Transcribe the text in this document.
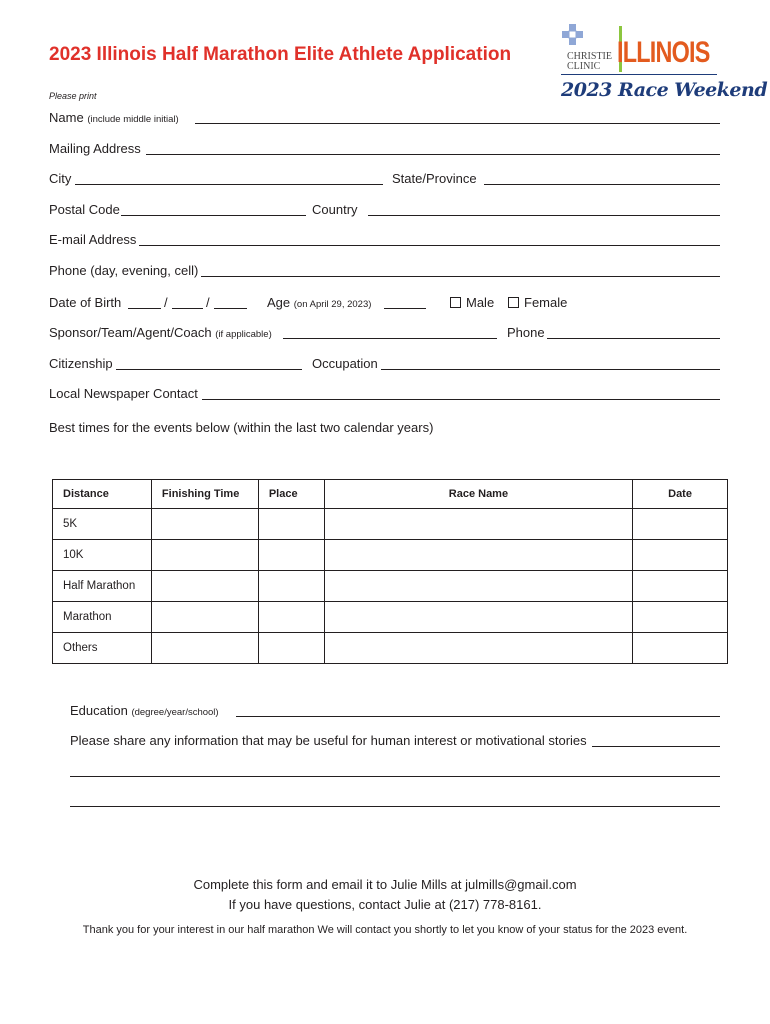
2023 Illinois Half Marathon Elite Athlete Application
Please print
CHRISTIE
CLINIC ILLINOIS
2023 Race Weekend
Name (include middle initial)
Mailing Address
City	State/Province
Postal Code	Country
E-mail Address
Phone (day, evening, cell)
Date of Birth	/	/	Age (on April 29, 2023)	Male	Female
Sponsor/Team/Agent/Coach (if applicable)	Phone
Citizenship	Occupation
Local Newspaper Contact
Best times for the events below (within the last two calendar years)
Distance	Finishing Time	Place	Race Name	Date
5K				
10K				
Half Marathon				
Marathon				
Others				
Education (degree/year/school)
Please share any information that may be useful for human interest or motivational stories
Complete this form and email it to Julie Mills at julmills@gmail.com
If you have questions, contact Julie at (217) 778-8161.
Thank you for your interest in our half marathon We will contact you shortly to let you know of your status for the 2023 event.
